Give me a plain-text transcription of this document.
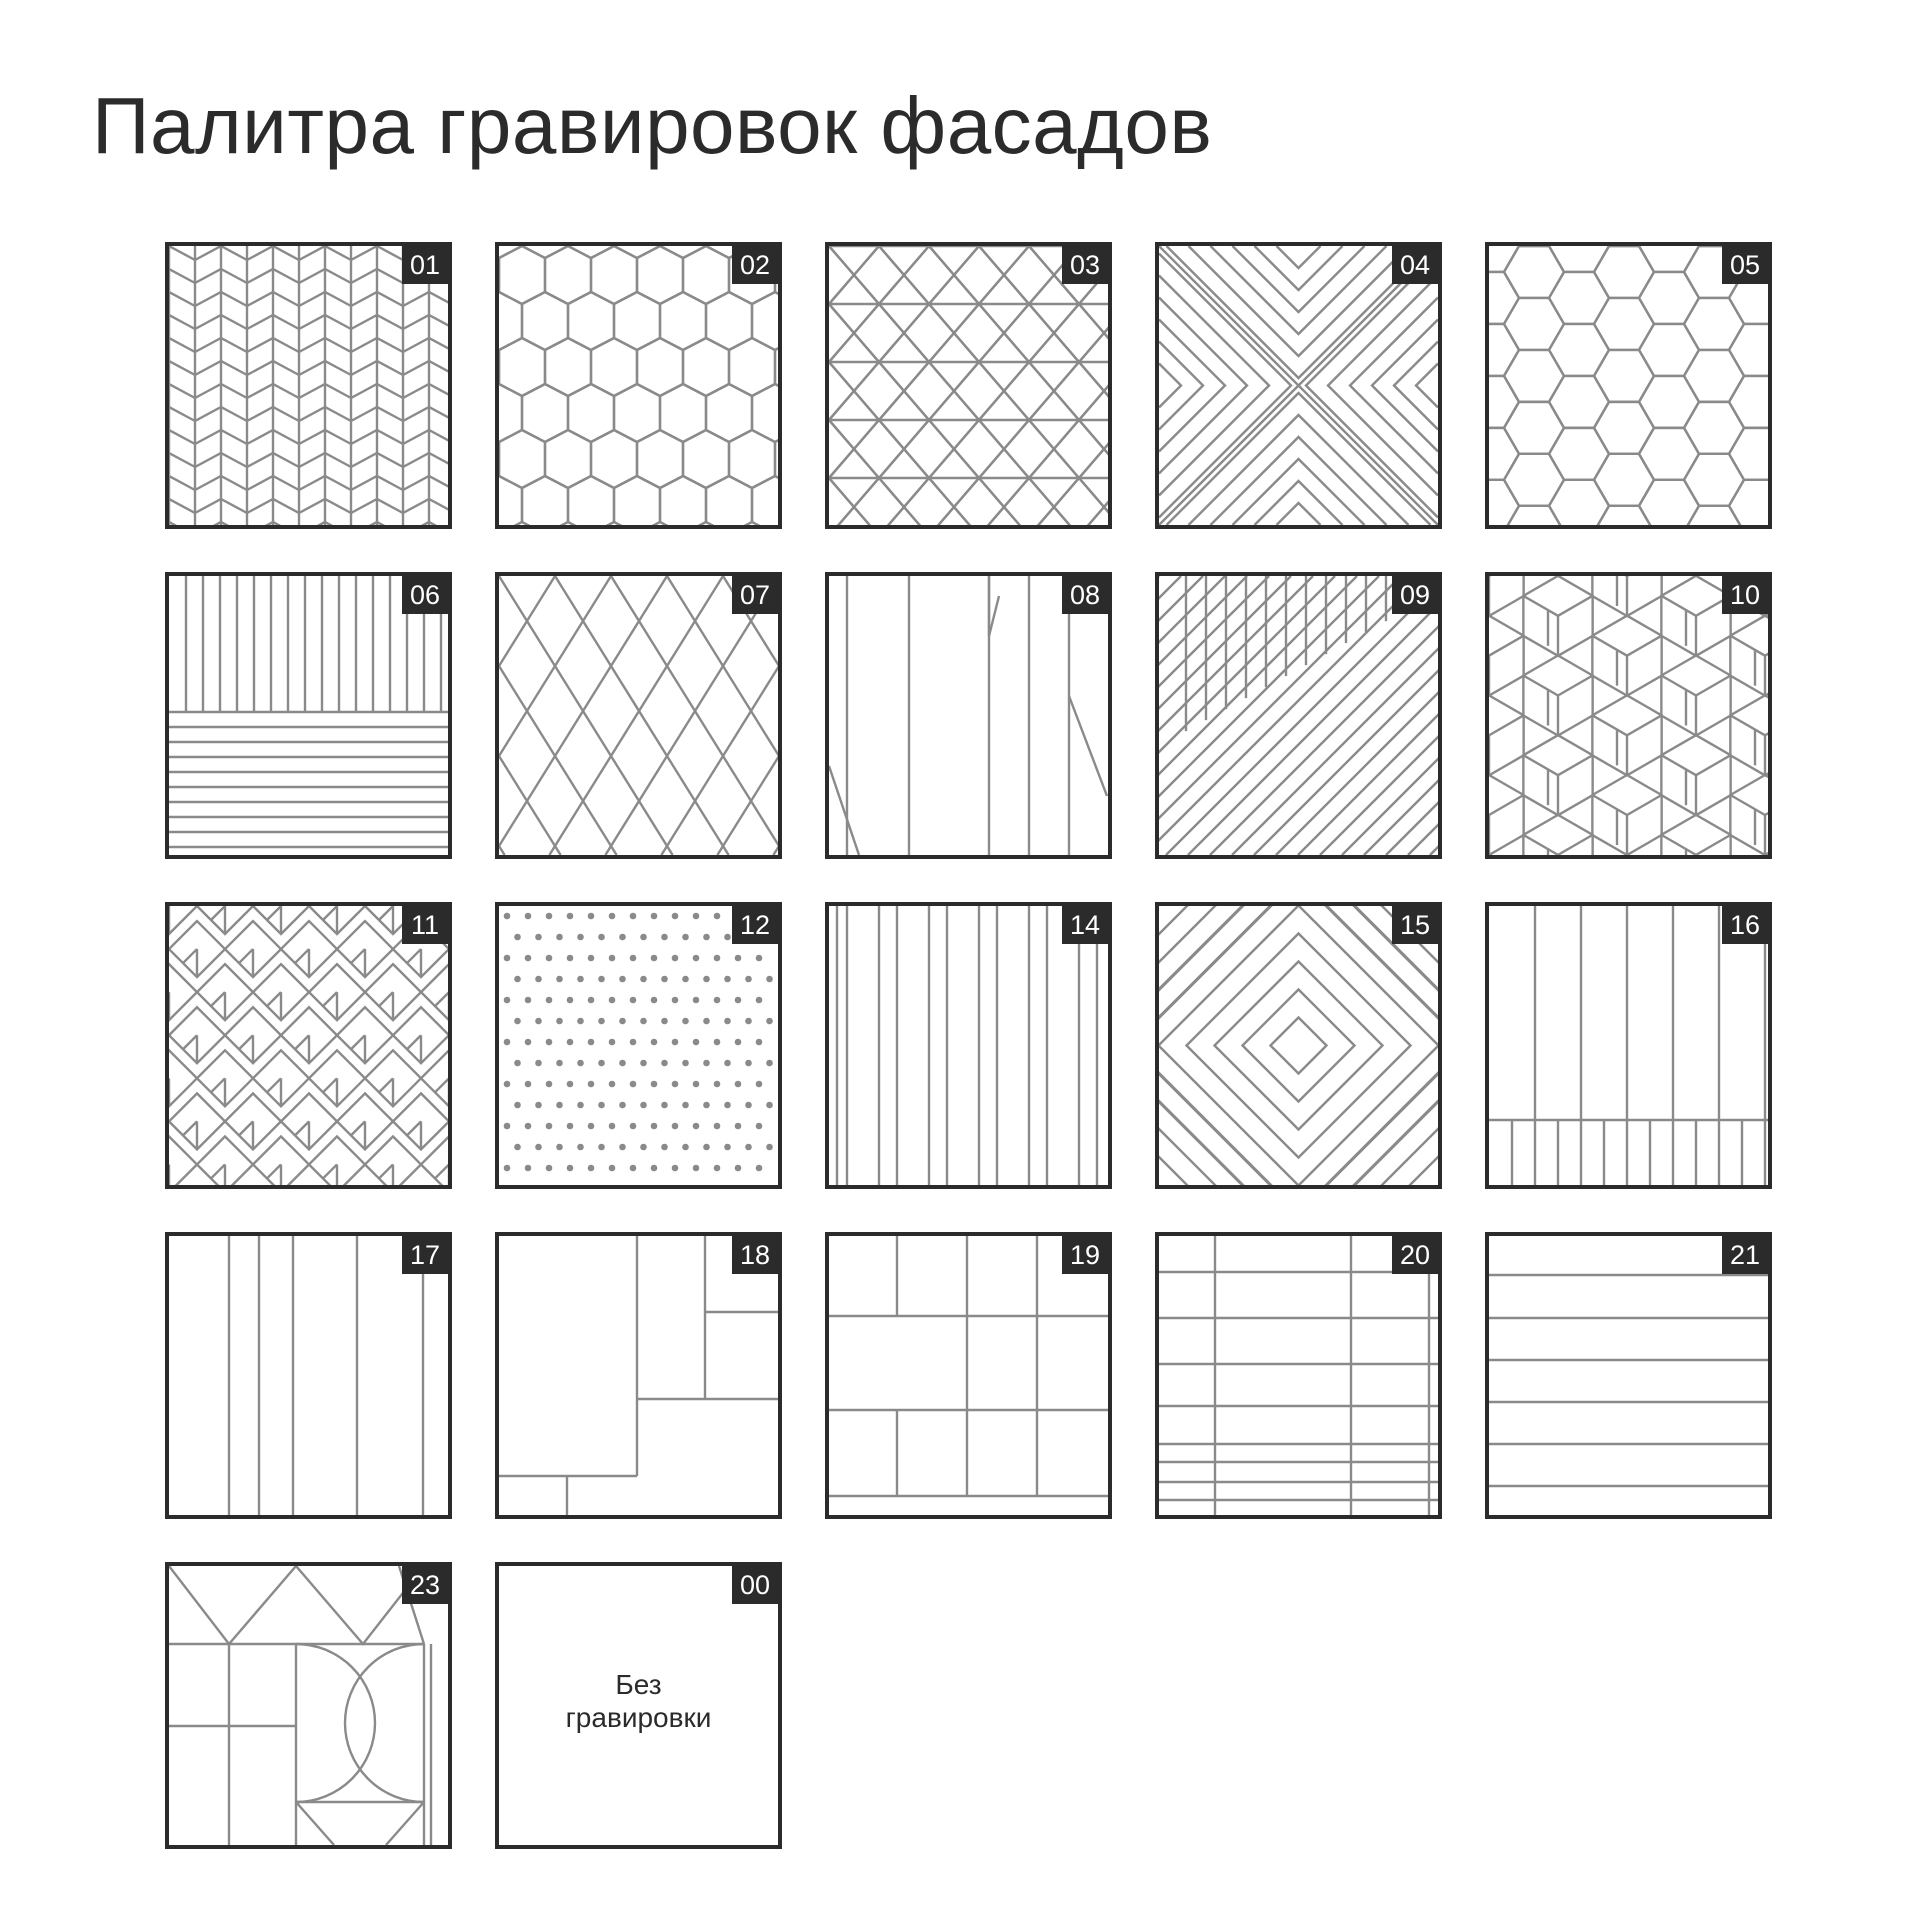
Палитра гравировок фасадов
01	02	03	04	05
06	07	08	09	10
11	12	14	15	16
17	18	19	20	21
23	00
Без
гравировки
